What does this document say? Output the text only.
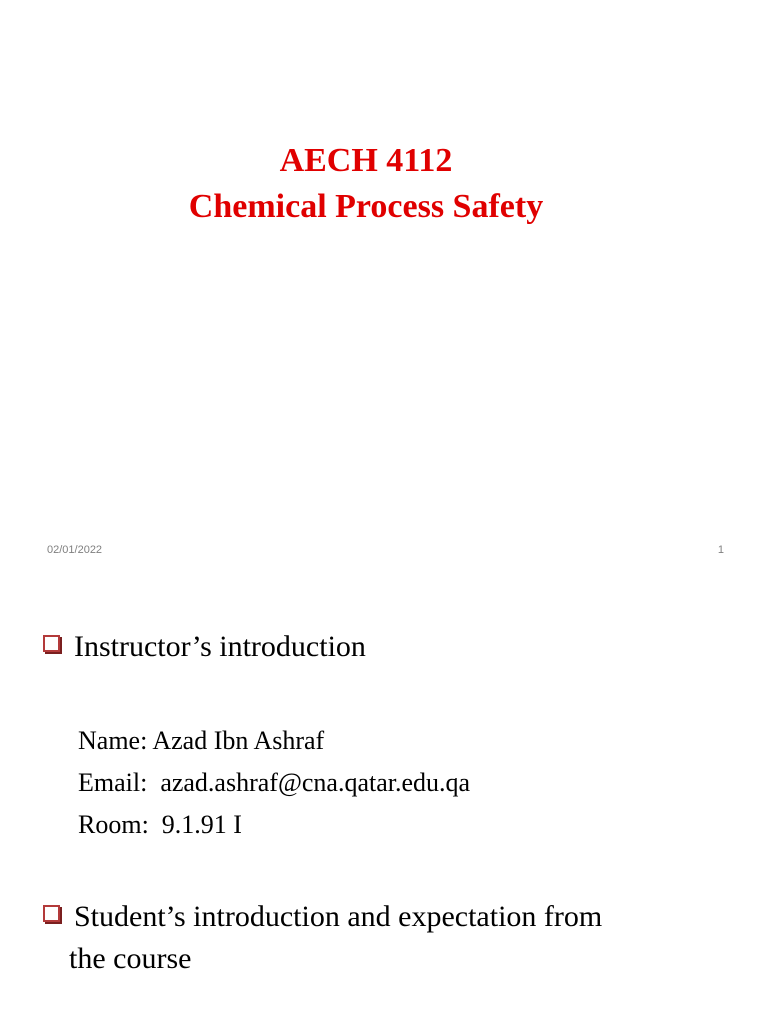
AECH 4112
Chemical Process Safety
02/01/2022	1
Instructor’s introduction
Name: Azad Ibn Ashraf
Email:  azad.ashraf@cna.qatar.edu.qa
Room:  9.1.91 I
Student’s introduction and expectation from
the course
